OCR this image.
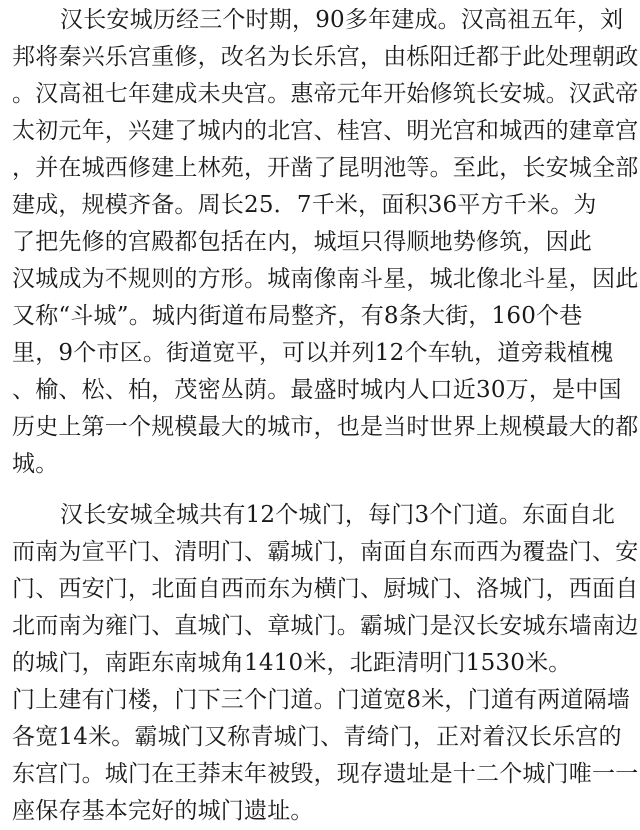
汉长安城历经三个时期，90多年建成。汉高祖五年，刘
邦将秦兴乐宫重修，改名为长乐宫，由栎阳迁都于此处理朝政
。汉高祖七年建成未央宫。惠帝元年开始修筑长安城。汉武帝
太初元年，兴建了城内的北宫、桂宫、明光宫和城西的建章宫
，并在城西修建上林苑，开凿了昆明池等。至此，长安城全部
建成，规模齐备。周长25．7千米，面积36平方千米。为
了把先修的宫殿都包括在内，城垣只得顺地势修筑，因此
汉城成为不规则的方形。城南像南斗星，城北像北斗星，因此
又称“斗城”。城内街道布局整齐，有8条大街，160个巷
里，9个市区。街道宽平，可以并列12个车轨，道旁栽植槐
、榆、松、柏，茂密丛荫。最盛时城内人口近30万，是中国
历史上第一个规模最大的城市，也是当时世界上规模最大的都
城。
汉长安城全城共有12个城门，每门3个门道。东面自北
而南为宣平门、清明门、霸城门，南面自东而西为覆盎门、安
门、西安门，北面自西而东为横门、厨城门、洛城门，西面自
北而南为雍门、直城门、章城门。霸城门是汉长安城东墙南边
的城门，南距东南城角1410米，北距清明门1530米。
门上建有门楼，门下三个门道。门道宽8米，门道有两道隔墙
各宽14米。霸城门又称青城门、青绮门，正对着汉长乐宫的
东宫门。城门在王莽末年被毁，现存遗址是十二个城门唯一一
座保存基本完好的城门遗址。
